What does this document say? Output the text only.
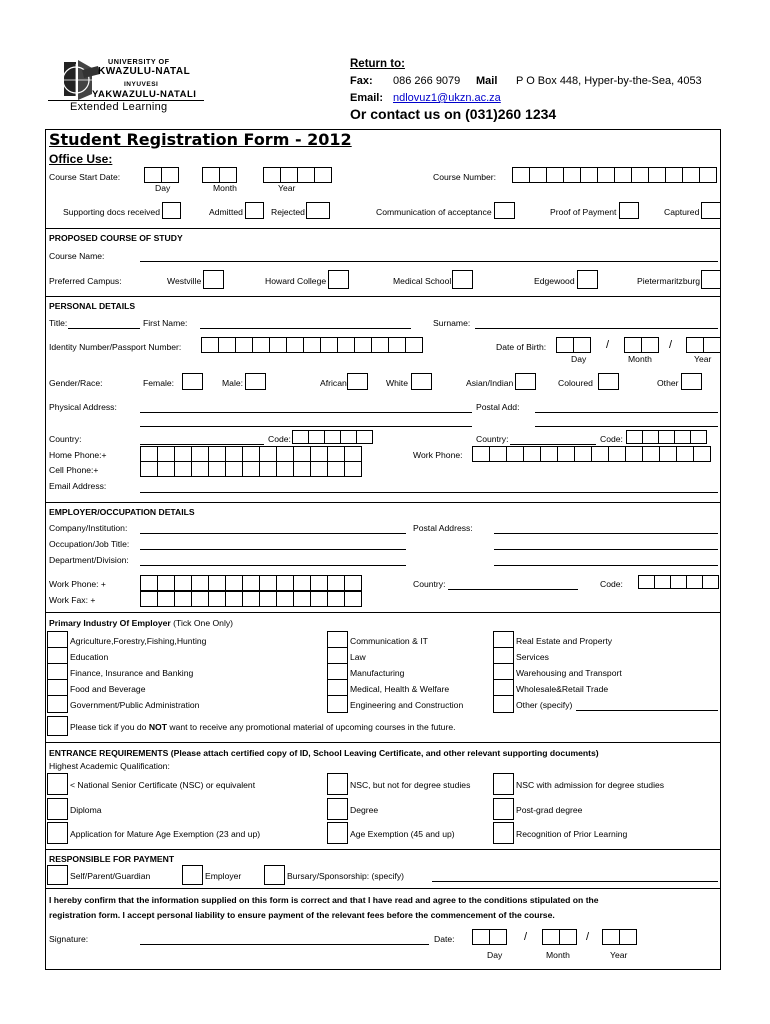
UNIVERSITY OF
KWAZULU-NATAL
INYUVESI
YAKWAZULU-NATALI
Extended Learning
Return to:
Fax: 086 266 9079 Mail P O Box 448, Hyper-by-the-Sea, 4053
Email: ndlovuz1@ukzn.ac.za
Or contact us on (031)260 1234
Student Registration Form - 2012
Office Use:
Course Start Date:
Day	Month	Year
Course Number:
Supporting docs received	Admitted	Rejected	Communication of acceptance	Proof of Payment	Captured
PROPOSED COURSE OF STUDY
Course Name:
Preferred Campus:	Westville	Howard College	Medical School	Edgewood	Pietermaritzburg
PERSONAL DETAILS
Title:	First Name:	Surname:
Identity Number/Passport Number:	Date of Birth:	/	/
Day	Month	Year
Gender/Race:	Female:	Male:	African	White	Asian/Indian	Coloured	Other
Physical Address:	Postal Add:
Country:	Code:	Country:	Code:
Home Phone:+	Work Phone:
Cell Phone:+
Email Address:
EMPLOYER/OCCUPATION DETAILS
Company/Institution:	Postal Address:
Occupation/Job Title:
Department/Division:
Work Phone: +	Country:	Code:
Work Fax: +
Primary Industry Of Employer (Tick One Only)
Agriculture,Forestry,Fishing,Hunting
Education
Finance, Insurance and Banking
Food and Beverage
Government/Public Administration
Communication & IT
Law
Manufacturing
Medical, Health & Welfare
Engineering and Construction
Real Estate and Property
Services
Warehousing and Transport
Wholesale&Retail Trade
Other (specify)
Please tick if you do NOT want to receive any promotional material of upcoming courses in the future.
ENTRANCE REQUIREMENTS (Please attach certified copy of ID, School Leaving Certificate, and other relevant supporting documents)
Highest Academic Qualification:
< National Senior Certificate (NSC) or equivalent	NSC, but not for degree studies	NSC with admission for degree studies
Diploma	Degree	Post-grad degree
Application for Mature Age Exemption (23 and up)	Age Exemption (45 and up)	Recognition of Prior Learning
RESPONSIBLE FOR PAYMENT
Self/Parent/Guardian	Employer	Bursary/Sponsorship: (specify)
I hereby confirm that the information supplied on this form is correct and that I have read and agree to the conditions stipulated on the
registration form. I accept personal liability to ensure payment of the relevant fees before the commencement of the course.
Signature:	Date:	/	/
Day	Month	Year
